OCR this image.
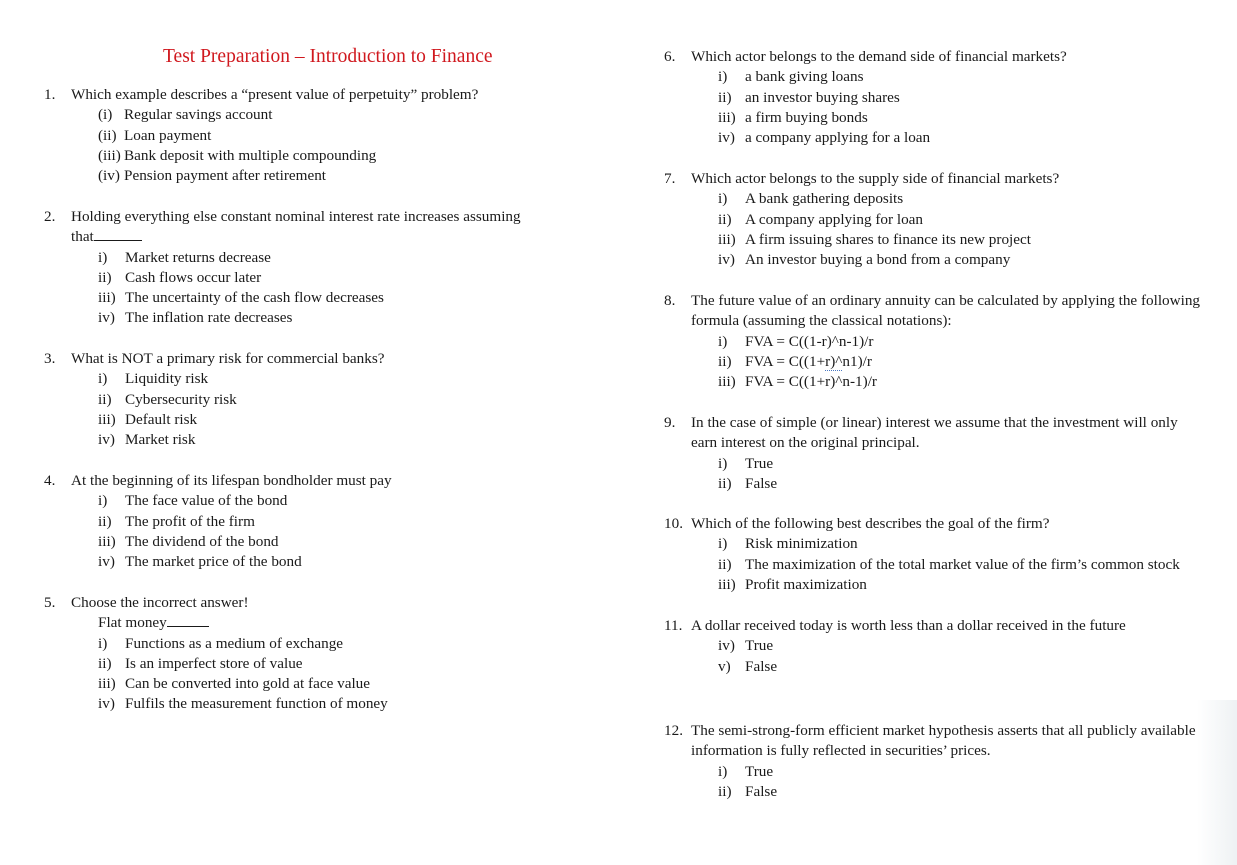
Test Preparation – Introduction to Finance
1.	Which example describes a “present value of perpetuity” problem?
(i) Regular savings account
(ii) Loan payment
(iii) Bank deposit with multiple compounding
(iv) Pension payment after retirement
2.	Holding everything else constant nominal interest rate increases assuming
that
i)	Market returns decrease
ii) Cash flows occur later
iii) The uncertainty of the cash flow decreases
iv) The inflation rate decreases
3.	What is NOT a primary risk for commercial banks?
i)	Liquidity risk
ii) Cybersecurity risk
iii) Default risk
iv) Market risk
4.	At the beginning of its lifespan bondholder must pay
i)	The face value of the bond
ii) The profit of the firm
iii) The dividend of the bond
iv) The market price of the bond
5.	Choose the incorrect answer!
Flat money
i)	Functions as a medium of exchange
ii) Is an imperfect store of value
iii) Can be converted into gold at face value
iv) Fulfils the measurement function of money
6.	Which actor belongs to the demand side of financial markets?
i)	a bank giving loans
ii) an investor buying shares
iii) a firm buying bonds
iv) a company applying for a loan
7.	Which actor belongs to the supply side of financial markets?
i)	A bank gathering deposits
ii) A company applying for loan
iii) A firm issuing shares to finance its new project
iv) An investor buying a bond from a company
8.	The future value of an ordinary annuity can be calculated by applying the following
formula (assuming the classical notations):
i)	FVA = C((1-r)^n-1)/r
ii) FVA = C((1+r)^n1)/r
iii) FVA = C((1+r)^n-1)/r
9.	In the case of simple (or linear) interest we assume that the investment will only
earn interest on the original principal.
i)	True
ii) False
10. Which of the following best describes the goal of the firm?
i)	Risk minimization
ii) The maximization of the total market value of the firm’s common stock
iii) Profit maximization
11. A dollar received today is worth less than a dollar received in the future
iv) True
v) False
12. The semi-strong-form efficient market hypothesis asserts that all publicly available
information is fully reflected in securities’ prices.
i)	True
ii) False
